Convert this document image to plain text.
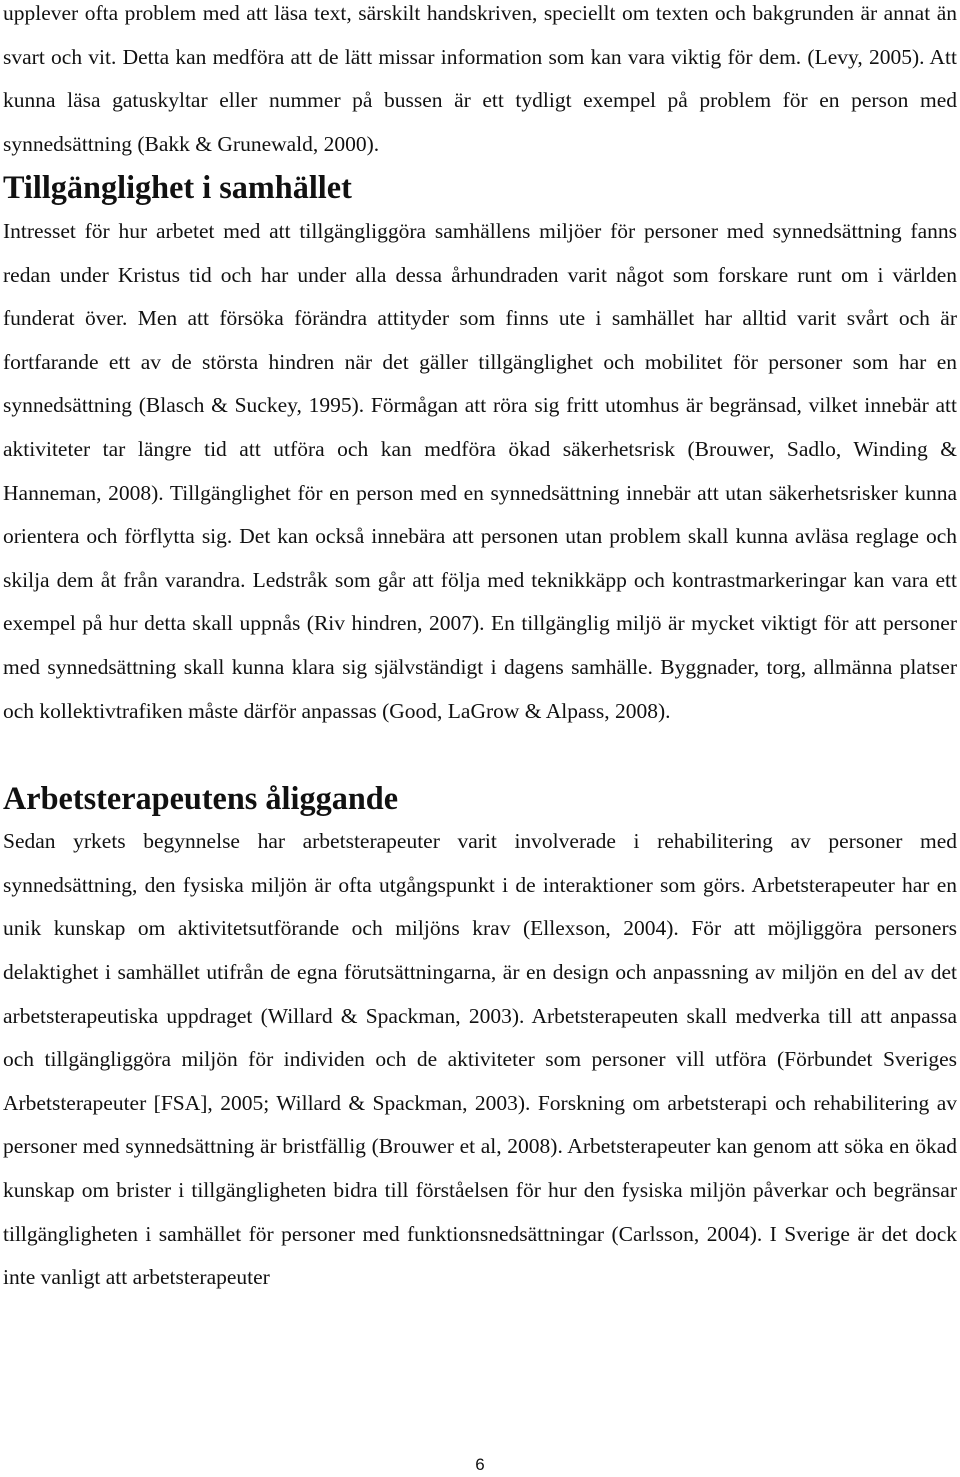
upplever ofta problem med att läsa text, särskilt handskriven, speciellt om texten och bakgrunden är annat än svart och vit. Detta kan medföra att de lätt missar information som kan vara viktig för dem. (Levy, 2005). Att kunna läsa gatuskyltar eller nummer på bussen är ett tydligt exempel på problem för en person med synnedsättning (Bakk & Grunewald, 2000).

Tillgänglighet i samhället

Intresset för hur arbetet med att tillgängliggöra samhällens miljöer för personer med synnedsättning fanns redan under Kristus tid och har under alla dessa århundraden varit något som forskare runt om i världen funderat över. Men att försöka förändra attityder som finns ute i samhället har alltid varit svårt och är fortfarande ett av de största hindren när det gäller tillgänglighet och mobilitet för personer som har en synnedsättning (Blasch & Suckey, 1995). Förmågan att röra sig fritt utomhus är begränsad, vilket innebär att aktiviteter tar längre tid att utföra och kan medföra ökad säkerhetsrisk (Brouwer, Sadlo, Winding & Hanneman, 2008). Tillgänglighet för en person med en synnedsättning innebär att utan säkerhetsrisker kunna orientera och förflytta sig. Det kan också innebära att personen utan problem skall kunna avläsa reglage och skilja dem åt från varandra. Ledstråk som går att följa med teknikkäpp och kontrastmarkeringar kan vara ett exempel på hur detta skall uppnås (Riv hindren, 2007). En tillgänglig miljö är mycket viktigt för att personer med synnedsättning skall kunna klara sig självständigt i dagens samhälle. Byggnader, torg, allmänna platser och kollektivtrafiken måste därför anpassas (Good, LaGrow & Alpass, 2008).

Arbetsterapeutens åliggande

Sedan yrkets begynnelse har arbetsterapeuter varit involverade i rehabilitering av personer med synnedsättning, den fysiska miljön är ofta utgångspunkt i de interaktioner som görs. Arbetsterapeuter har en unik kunskap om aktivitetsutförande och miljöns krav (Ellexson, 2004). För att möjliggöra personers delaktighet i samhället utifrån de egna förutsättningarna, är en design och anpassning av miljön en del av det arbetsterapeutiska uppdraget (Willard & Spackman, 2003). Arbetsterapeuten skall medverka till att anpassa och tillgängliggöra miljön för individen och de aktiviteter som personer vill utföra (Förbundet Sveriges Arbetsterapeuter [FSA], 2005; Willard & Spackman, 2003). Forskning om arbetsterapi och rehabilitering av personer med synnedsättning är bristfällig (Brouwer et al, 2008). Arbetsterapeuter kan genom att söka en ökad kunskap om brister i tillgängligheten bidra till förståelsen för hur den fysiska miljön påverkar och begränsar tillgängligheten i samhället för personer med funktionsnedsättningar (Carlsson, 2004). I Sverige är det dock inte vanligt att arbetsterapeuter

6
